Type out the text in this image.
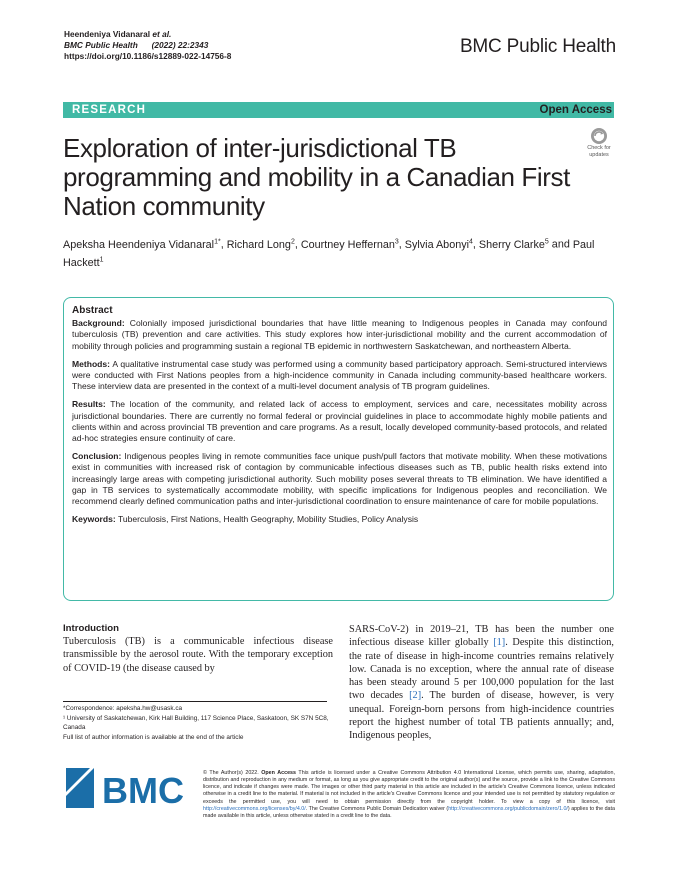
Heendeniya Vidanaral et al.
BMC Public Health (2022) 22:2343
https://doi.org/10.1186/s12889-022-14756-8	BMC Public Health
RESEARCH	Open Access
Exploration of inter-jurisdictional TB programming and mobility in a Canadian First Nation community
Check for
updates
Apeksha Heendeniya Vidanaral$^{1*}$, Richard Long$^2$, Courtney Heffernan$^3$, Sylvia Abonyi$^4$, Sherry Clarke$^5$ and Paul Hackett$^1$
Abstract

Background: Colonially imposed jurisdictional boundaries that have little meaning to Indigenous peoples in Canada may confound tuberculosis (TB) prevention and care activities. This study explores how inter-jurisdictional mobility and the current accommodation of mobility through policies and programming sustain a regional TB epidemic in northwestern Saskatchewan, and northeastern Alberta.

Methods: A qualitative instrumental case study was performed using a community based participatory approach. Semi-structured interviews were conducted with First Nations peoples from a high-incidence community in Canada including community-based healthcare workers. These interview data are presented in the context of a multi-level document analysis of TB program guidelines.

Results: The location of the community, and related lack of access to employment, services and care, necessitates mobility across jurisdictional boundaries. There are currently no formal federal or provincial guidelines in place to accommodate highly mobile patients and clients within and across provincial TB prevention and care programs. As a result, locally developed community-based protocols, and related ad-hoc strategies ensure continuity of care.

Conclusion: Indigenous peoples living in remote communities face unique push/pull factors that motivate mobility. When these motivations exist in communities with increased risk of contagion by communicable infectious diseases such as TB, public health risks extend into increasingly large areas with competing jurisdictional authority. Such mobility poses several threats to TB elimination. We have identified a gap in TB services to systematically accommodate mobility, with specific implications for Indigenous peoples and reconciliation. We recommend clearly defined communication paths and inter-jurisdictional coordination to ensure maintenance of care for mobile populations.

Keywords: Tuberculosis, First Nations, Health Geography, Mobility Studies, Policy Analysis

Introduction
Tuberculosis (TB) is a communicable infectious disease transmissible by the aerosol route. With the temporary exception of COVID-19 (the disease caused by
SARS-CoV-2) in 2019–21, TB has been the number one infectious disease killer globally [1]. Despite this distinction, the rate of disease in high-income countries remains relatively low. Canada is no exception, where the annual rate of disease has been steady around 5 per 100,000 population for the last two decades [2]. The burden of disease, however, is very unequal. Foreign-born persons from high-incidence countries report the highest number of total TB patients annually; and, Indigenous peoples,

*Correspondence: apeksha.hw@usask.ca

¹ University of Saskatchewan, Kirk Hall Building, 117 Science Place, Saskatoon, SK S7N 5C8, Canada

Full list of author information is available at the end of the article

BMC	© The Author(s) 2022. Open Access This article is licensed under a Creative Commons Attribution 4.0 International License, which permits use, sharing, adaptation, distribution and reproduction in any medium or format, as long as you give appropriate credit to the original author(s) and the source, provide a link to the Creative Commons licence, and indicate if changes were made. The images or other third party material in this article are included in the article's Creative Commons licence, unless indicated otherwise in a credit line to the material. If material is not included in the article's Creative Commons licence and your intended use is not permitted by statutory regulation or exceeds the permitted use, you will need to obtain permission directly from the copyright holder. To view a copy of this licence, visit http://creativecommons.org/licenses/by/4.0/. The Creative Commons Public Domain Dedication waiver (http://creativecommons.org/publicdomain/zero/1.0/) applies to the data made available in this article, unless otherwise stated in a credit line to the data.
